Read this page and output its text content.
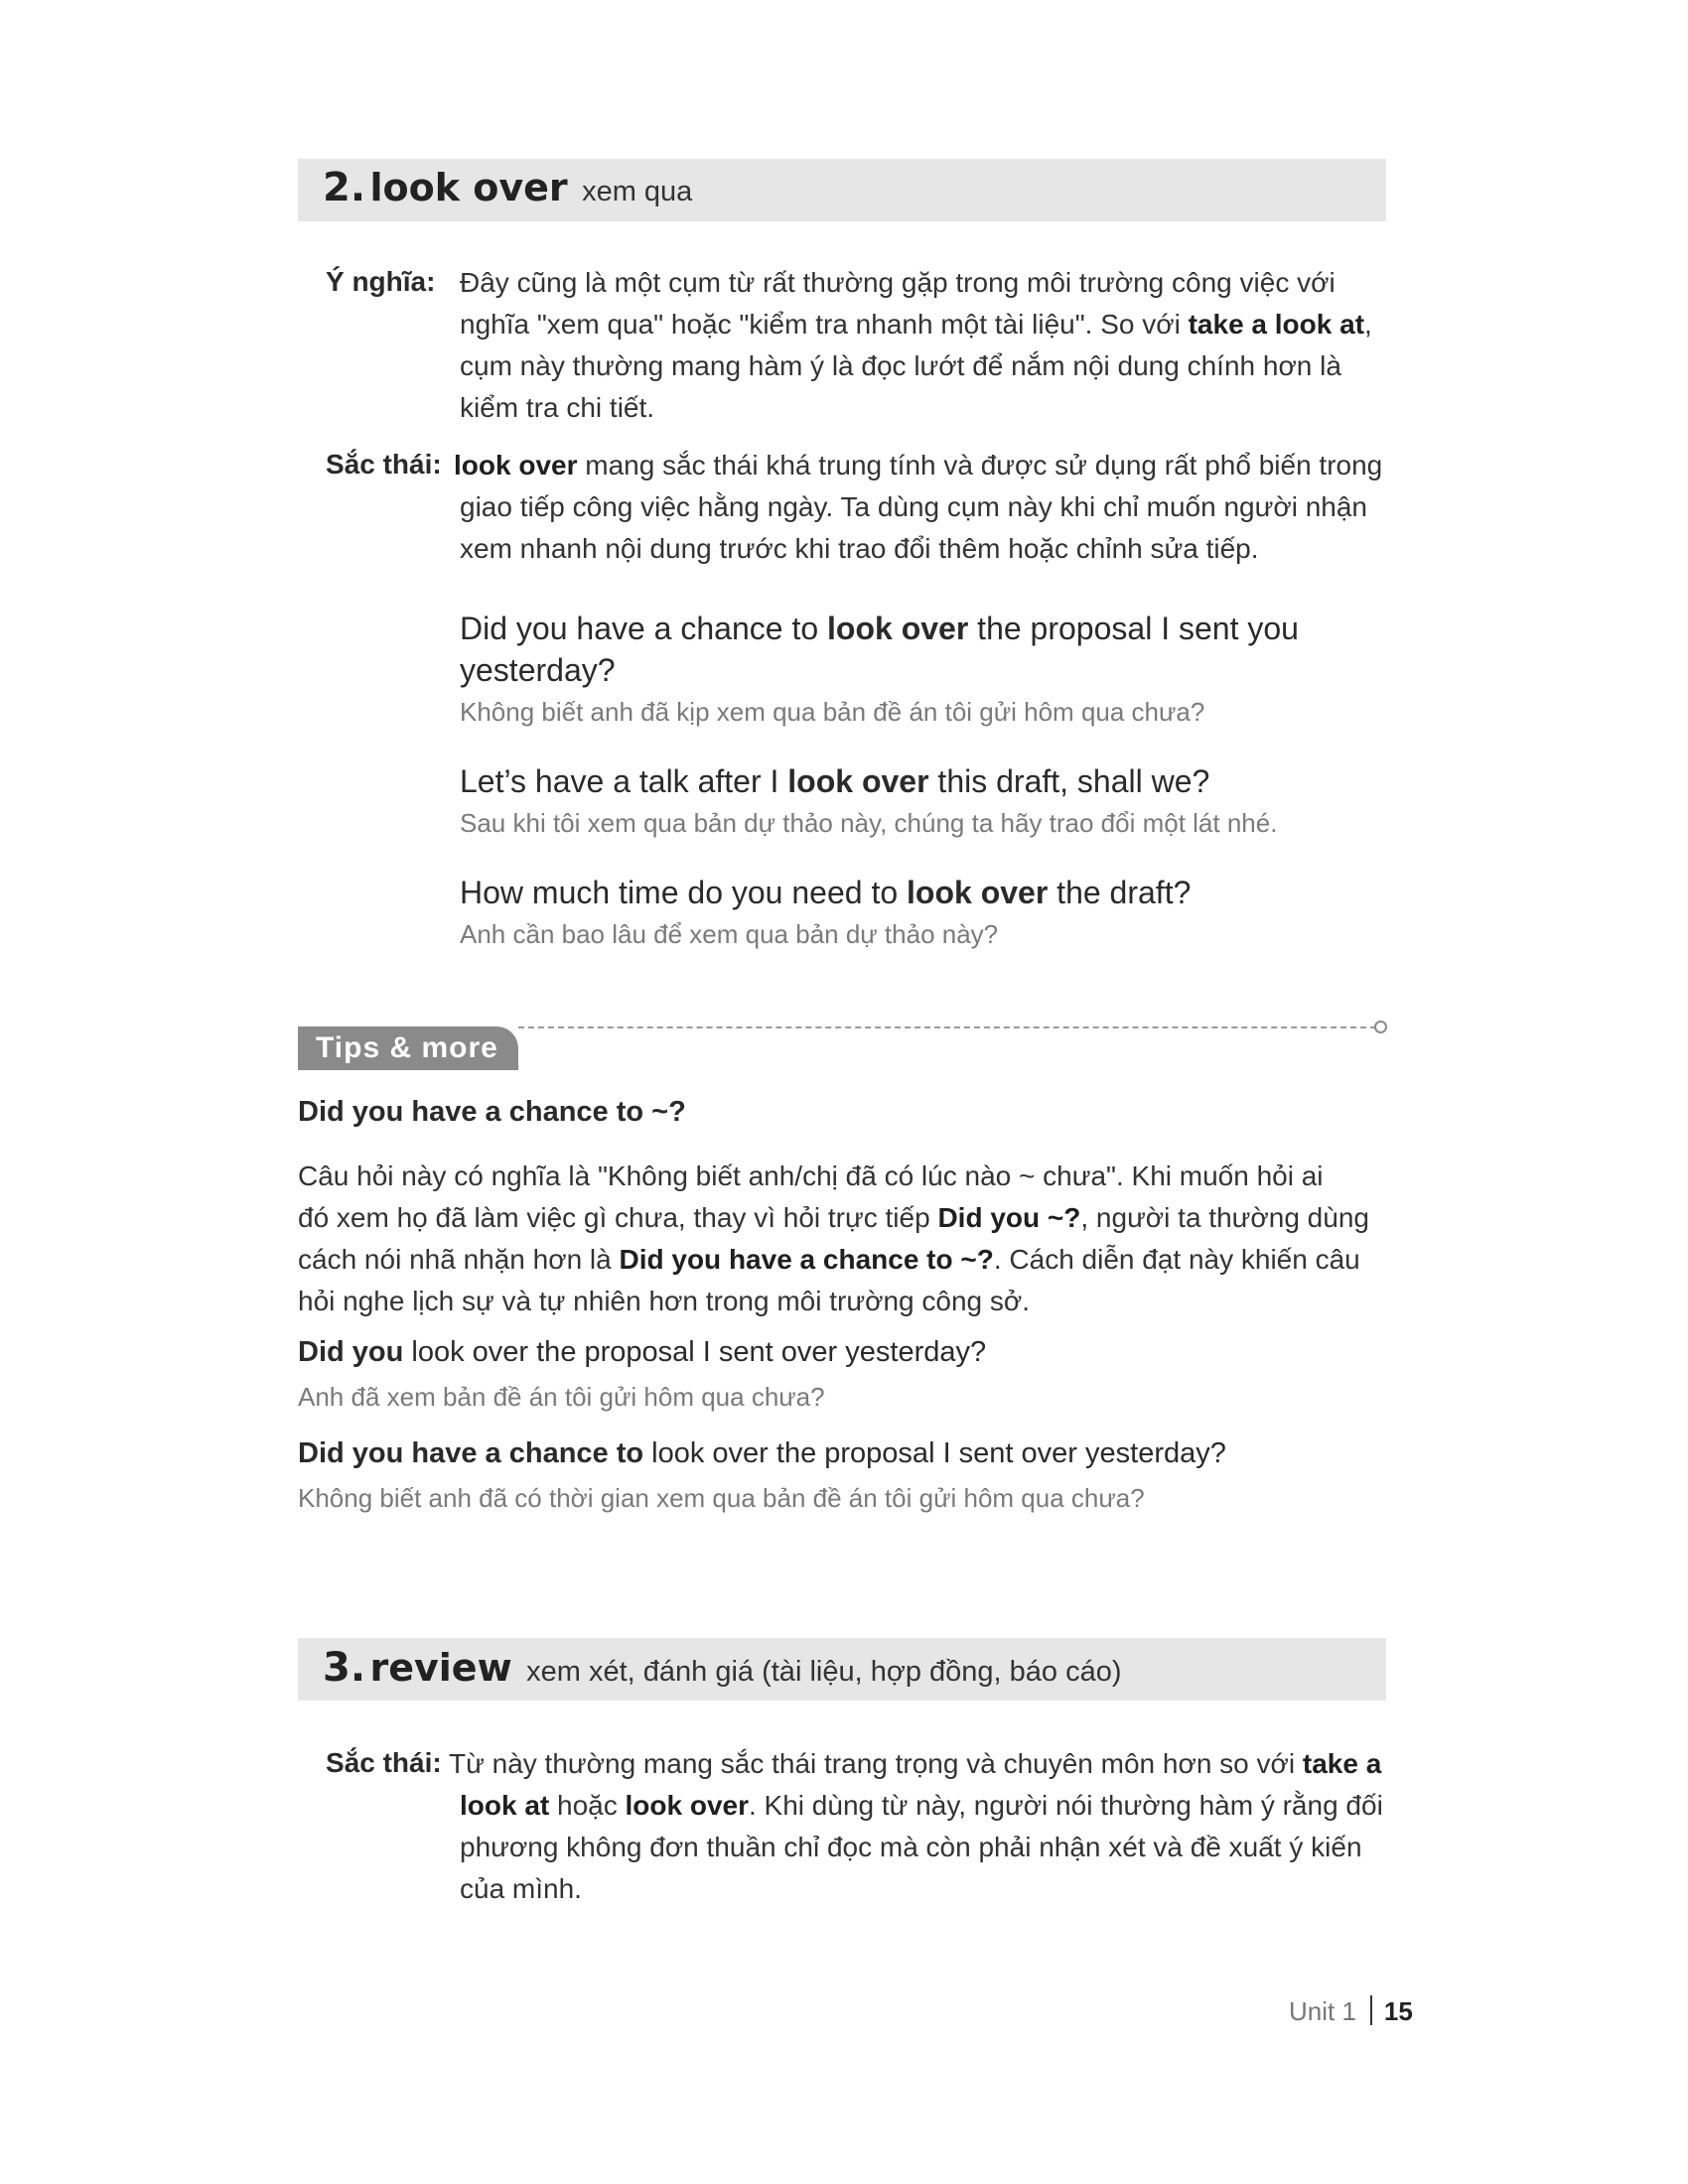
2. look over xem qua
Ý nghĩa: Đây cũng là một cụm từ rất thường gặp trong môi trường công việc với
nghĩa "xem qua" hoặc "kiểm tra nhanh một tài liệu". So với take a look at,
cụm này thường mang hàm ý là đọc lướt để nắm nội dung chính hơn là
kiểm tra chi tiết.
Sắc thái: look over mang sắc thái khá trung tính và được sử dụng rất phổ biến trong
giao tiếp công việc hằng ngày. Ta dùng cụm này khi chỉ muốn người nhận
xem nhanh nội dung trước khi trao đổi thêm hoặc chỉnh sửa tiếp.
Did you have a chance to look over the proposal I sent you
yesterday?
Không biết anh đã kịp xem qua bản đề án tôi gửi hôm qua chưa?
Let’s have a talk after I look over this draft, shall we?
Sau khi tôi xem qua bản dự thảo này, chúng ta hãy trao đổi một lát nhé.
How much time do you need to look over the draft?
Anh cần bao lâu để xem qua bản dự thảo này?
Tips & more
Did you have a chance to ~?
Câu hỏi này có nghĩa là "Không biết anh/chị đã có lúc nào ~ chưa". Khi muốn hỏi ai
đó xem họ đã làm việc gì chưa, thay vì hỏi trực tiếp Did you ~?, người ta thường dùng
cách nói nhã nhặn hơn là Did you have a chance to ~?. Cách diễn đạt này khiến câu
hỏi nghe lịch sự và tự nhiên hơn trong môi trường công sở.
Did you look over the proposal I sent over yesterday?
Anh đã xem bản đề án tôi gửi hôm qua chưa?
Did you have a chance to look over the proposal I sent over yesterday?
Không biết anh đã có thời gian xem qua bản đề án tôi gửi hôm qua chưa?
3. review xem xét, đánh giá (tài liệu, hợp đồng, báo cáo)
Sắc thái: Từ này thường mang sắc thái trang trọng và chuyên môn hơn so với take a
look at hoặc look over. Khi dùng từ này, người nói thường hàm ý rằng đối
phương không đơn thuần chỉ đọc mà còn phải nhận xét và đề xuất ý kiến
của mình.
Unit 1 15
